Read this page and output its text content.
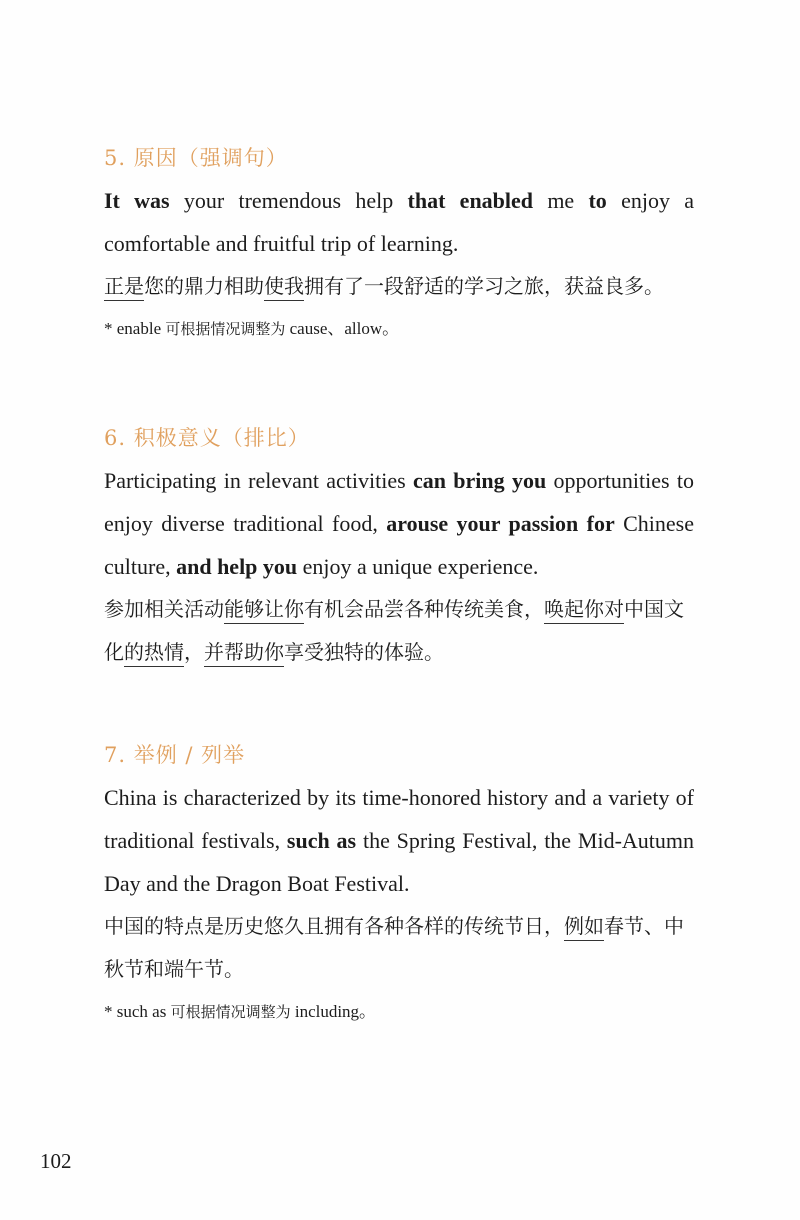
5. 原因（强调句）

It was your tremendous help that enabled me to enjoy a comfortable and fruitful trip of learning.

正是您的鼎力相助使我拥有了一段舒适的学习之旅，获益良多。

* enable 可根据情况调整为 cause、allow。

6. 积极意义（排比）

Participating in relevant activities can bring you opportunities to enjoy diverse traditional food, arouse your passion for Chinese culture, and help you enjoy a unique experience.

参加相关活动能够让你有机会品尝各种传统美食，唤起你对中国文化的热情，并帮助你享受独特的体验。

7. 举例 / 列举

China is characterized by its time-honored history and a variety of traditional festivals, such as the Spring Festival, the Mid-Autumn Day and the Dragon Boat Festival.

中国的特点是历史悠久且拥有各种各样的传统节日，例如春节、中秋节和端午节。

* such as 可根据情况调整为 including。

102
